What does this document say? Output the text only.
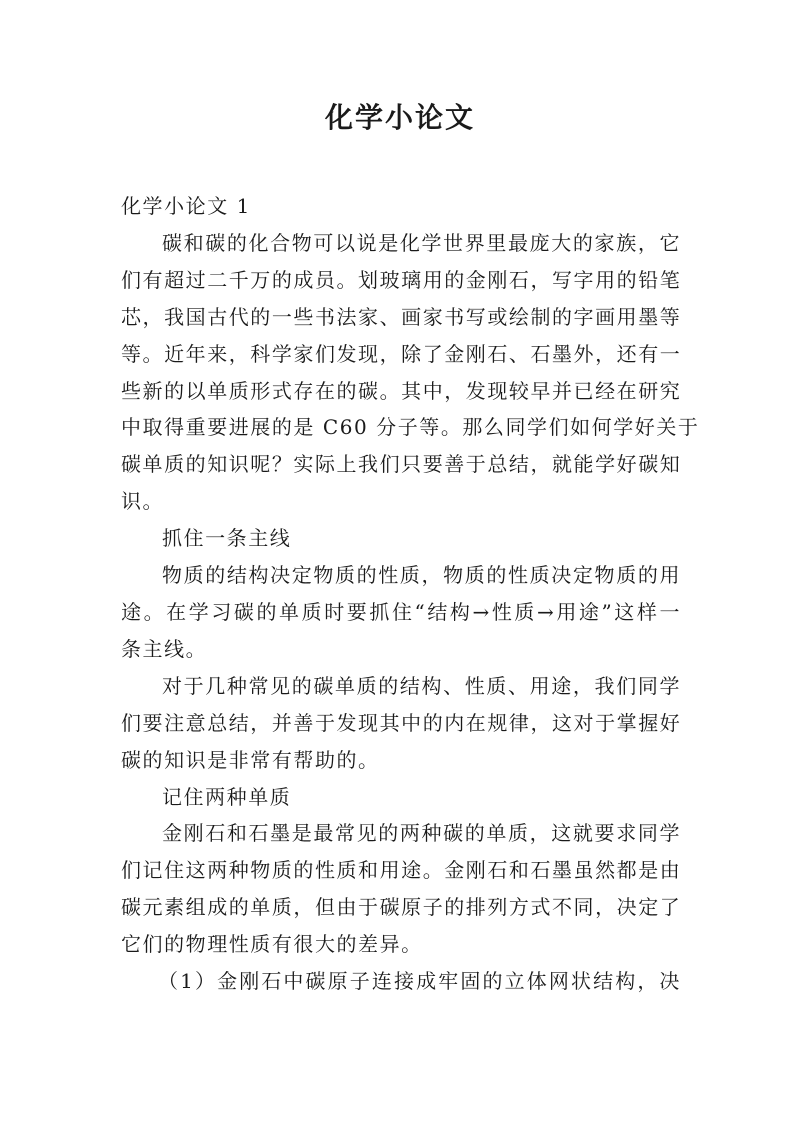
化学小论文

化学小论文 1

碳和碳的化合物可以说是化学世界里最庞大的家族，它
们有超过二千万的成员。划玻璃用的金刚石，写字用的铅笔
芯，我国古代的一些书法家、画家书写或绘制的字画用墨等
等。近年来，科学家们发现，除了金刚石、石墨外，还有一
些新的以单质形式存在的碳。其中，发现较早并已经在研究
中取得重要进展的是 C60 分子等。那么同学们如何学好关于
碳单质的知识呢？实际上我们只要善于总结，就能学好碳知
识。

抓住一条主线

物质的结构决定物质的性质，物质的性质决定物质的用
途。在学习碳的单质时要抓住“结构→性质→用途”这样一
条主线。

对于几种常见的碳单质的结构、性质、用途，我们同学
们要注意总结，并善于发现其中的内在规律，这对于掌握好
碳的知识是非常有帮助的。

记住两种单质

金刚石和石墨是最常见的两种碳的单质，这就要求同学
们记住这两种物质的性质和用途。金刚石和石墨虽然都是由
碳元素组成的单质，但由于碳原子的排列方式不同，决定了
它们的物理性质有很大的差异。

（1）金刚石中碳原子连接成牢固的立体网状结构，决
